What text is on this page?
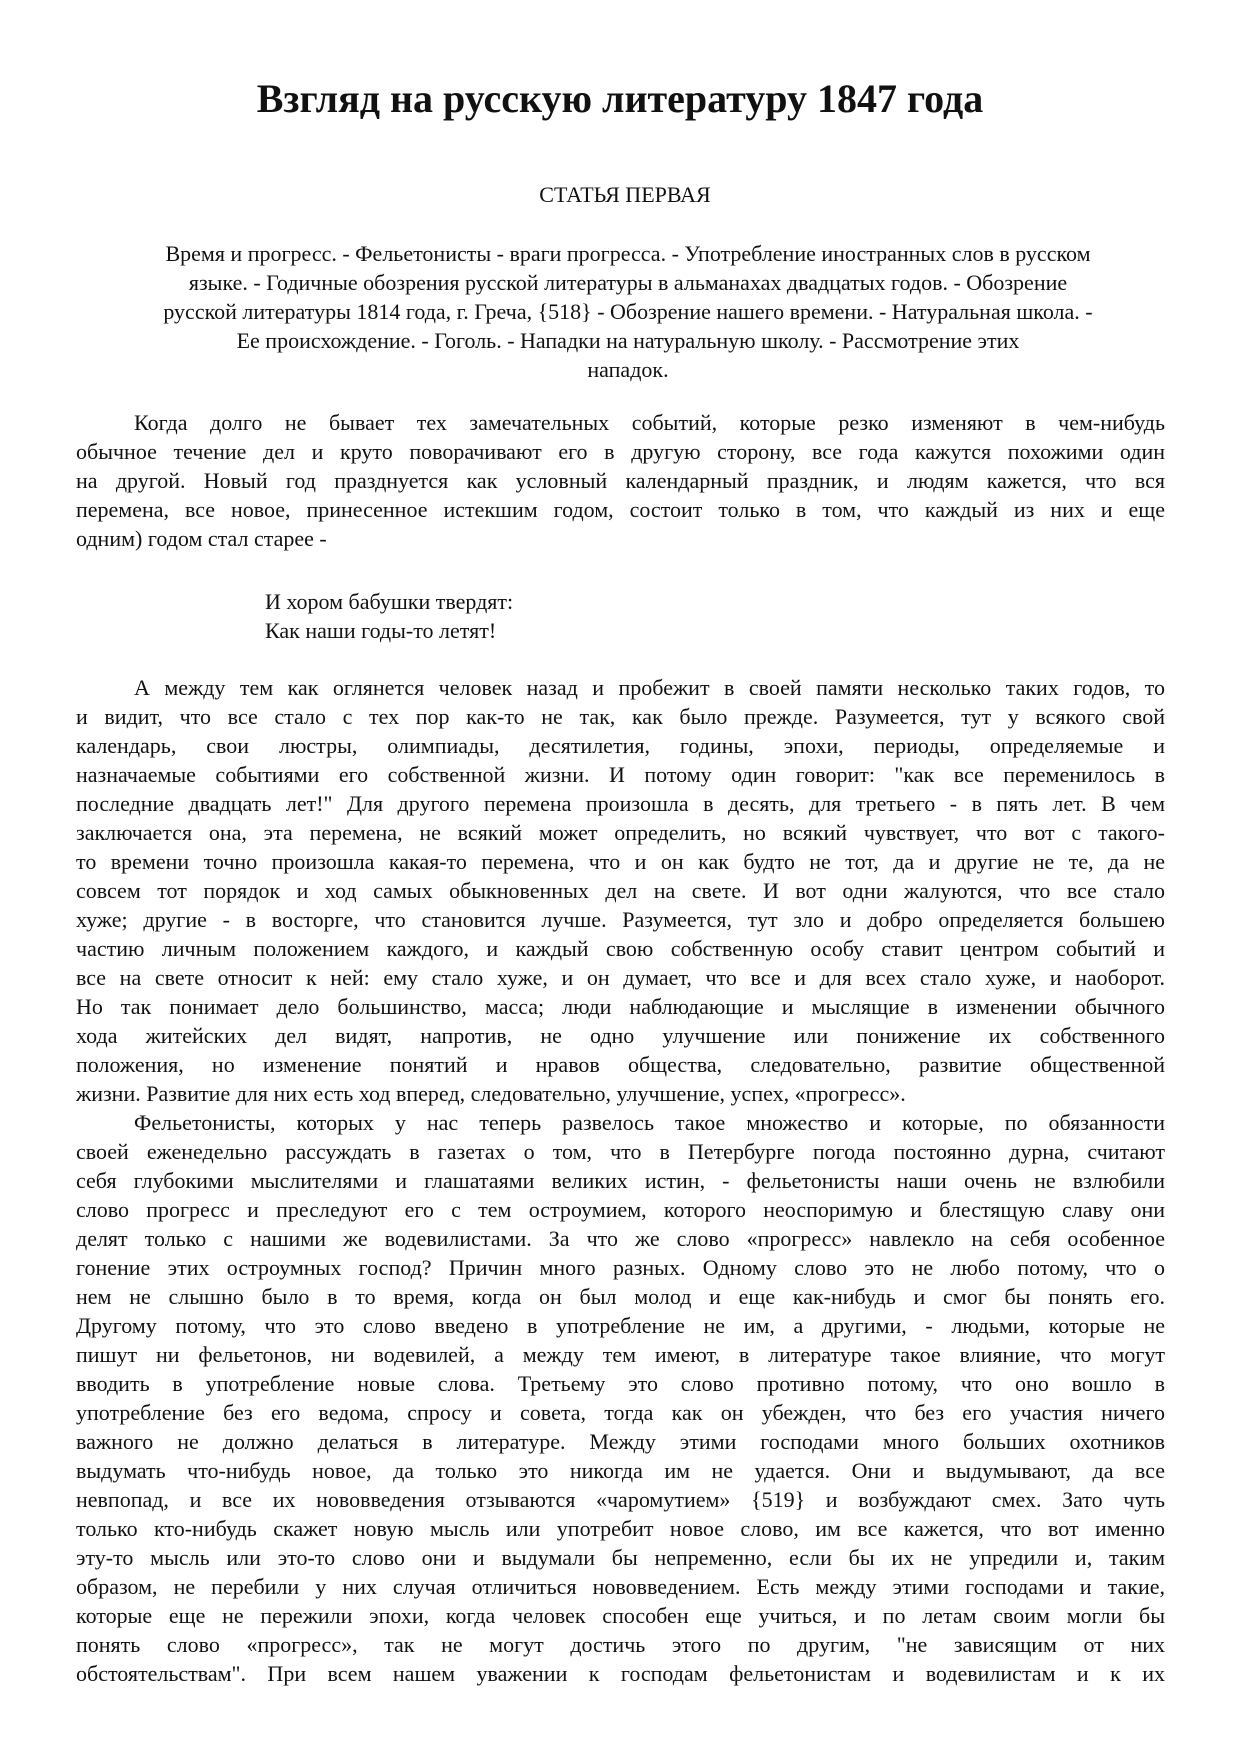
Взгляд на русскую литературу 1847 года

СТАТЬЯ ПЕРВАЯ

Время и прогресс. - Фельетонисты - враги прогресса. - Употребление иностранных слов в русском
языке. - Годичные обозрения русской литературы в альманахах двадцатых годов. - Обозрение
русской литературы 1814 года, г. Греча, {518} - Обозрение нашего времени. - Натуральная школа. -
Ее происхождение. - Гоголь. - Нападки на натуральную школу. - Рассмотрение этих
нападок.
Когда долго не бывает тех замечательных событий, которые резко изменяют в чем-нибудь
обычное течение дел и круто поворачивают его в другую сторону, все года кажутся похожими один
на другой. Новый год празднуется как условный календарный праздник, и людям кажется, что вся
перемена, все новое, принесенное истекшим годом, состоит только в том, что каждый из них и еще
одним) годом стал старее -
И хором бабушки твердят:
Как наши годы-то летят!
А между тем как оглянется человек назад и пробежит в своей памяти несколько таких годов, то
и видит, что все стало с тех пор как-то не так, как было прежде. Разумеется, тут у всякого свой
календарь, свои люстры, олимпиады, десятилетия, годины, эпохи, периоды, определяемые и
назначаемые событиями его собственной жизни. И потому один говорит: "как все переменилось в
последние двадцать лет!" Для другого перемена произошла в десять, для третьего - в пять лет. В чем
заключается она, эта перемена, не всякий может определить, но всякий чувствует, что вот с такого-
то времени точно произошла какая-то перемена, что и он как будто не тот, да и другие не те, да не
совсем тот порядок и ход самых обыкновенных дел на свете. И вот одни жалуются, что все стало
хуже; другие - в восторге, что становится лучше. Разумеется, тут зло и добро определяется большею
частию личным положением каждого, и каждый свою собственную особу ставит центром событий и
все на свете относит к ней: ему стало хуже, и он думает, что все и для всех стало хуже, и наоборот.
Но так понимает дело большинство, масса; люди наблюдающие и мыслящие в изменении обычного
хода житейских дел видят, напротив, не одно улучшение или понижение их собственного
положения, но изменение понятий и нравов общества, следовательно, развитие общественной
жизни. Развитие для них есть ход вперед, следовательно, улучшение, успех, «прогресс».
Фельетонисты, которых у нас теперь развелось такое множество и которые, по обязанности
своей еженедельно рассуждать в газетах о том, что в Петербурге погода постоянно дурна, считают
себя глубокими мыслителями и глашатаями великих истин, - фельетонисты наши очень не взлюбили
слово прогресс и преследуют его с тем остроумием, которого неоспоримую и блестящую славу они
делят только с нашими же водевилистами. За что же слово «прогресс» навлекло на себя особенное
гонение этих остроумных господ? Причин много разных. Одному слово это не любо потому, что о
нем не слышно было в то время, когда он был молод и еще как-нибудь и смог бы понять его.
Другому потому, что это слово введено в употребление не им, а другими, - людьми, которые не
пишут ни фельетонов, ни водевилей, а между тем имеют, в литературе такое влияние, что могут
вводить в употребление новые слова. Третьему это слово противно потому, что оно вошло в
употребление без его ведома, спросу и совета, тогда как он убежден, что без его участия ничего
важного не должно делаться в литературе. Между этими господами много больших охотников
выдумать что-нибудь новое, да только это никогда им не удается. Они и выдумывают, да все
невпопад, и все их нововведения отзываются «чаромутием» {519} и возбуждают смех. Зато чуть
только кто-нибудь скажет новую мысль или употребит новое слово, им все кажется, что вот именно
эту-то мысль или это-то слово они и выдумали бы непременно, если бы их не упредили и, таким
образом, не перебили у них случая отличиться нововведением. Есть между этими господами и такие,
которые еще не пережили эпохи, когда человек способен еще учиться, и по летам своим могли бы
понять слово «прогресс», так не могут достичь этого по другим, "не зависящим от них
обстоятельствам". При всем нашем уважении к господам фельетонистам и водевилистам и к их
